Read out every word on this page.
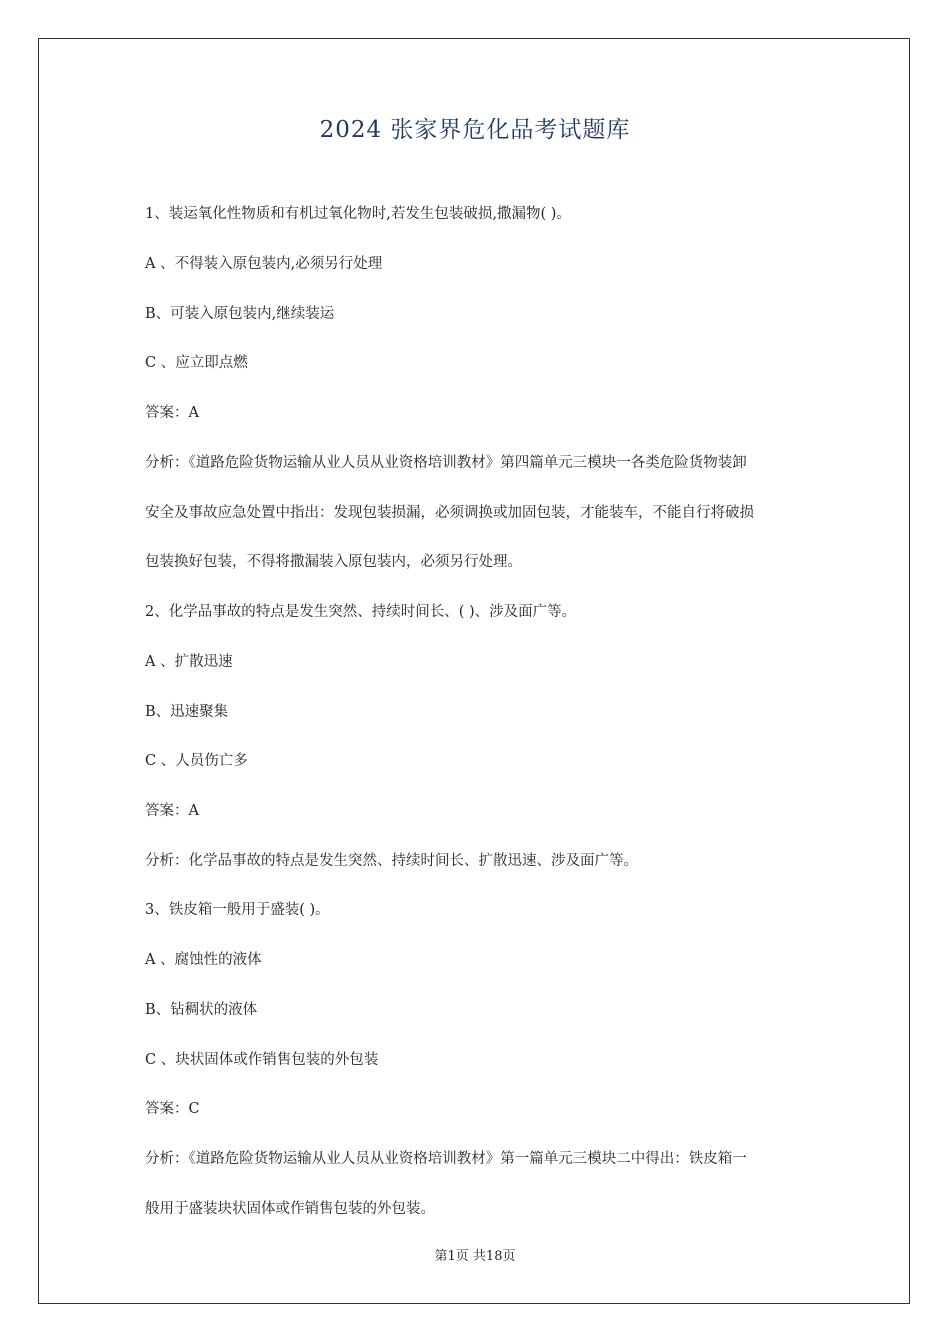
2024 张家界危化品考试题库
1、装运氧化性物质和有机过氧化物时,若发生包装破损,撒漏物( )。
A 、不得装入原包装内,必须另行处理
B、可装入原包装内,继续装运
C 、应立即点燃
答案：A
分析：《道路危险货物运输从业人员从业资格培训教材》第四篇单元三模块一各类危险货物装卸
安全及事故应急处置中指出：发现包装损漏，必须调换或加固包装，才能装车，不能自行将破损
包装换好包装，不得将撒漏装入原包装内，必须另行处理。
2、化学品事故的特点是发生突然、持续时间长、( )、涉及面广等。
A 、扩散迅速
B、迅速聚集
C 、人员伤亡多
答案：A
分析：化学品事故的特点是发生突然、持续时间长、扩散迅速、涉及面广等。
3、铁皮箱一般用于盛装( )。
A 、腐蚀性的液体
B、钻稠状的液体
C 、块状固体或作销售包装的外包装
答案：C
分析：《道路危险货物运输从业人员从业资格培训教材》第一篇单元三模块二中得出：铁皮箱一
般用于盛装块状固体或作销售包装的外包装。
第1页 共18页
